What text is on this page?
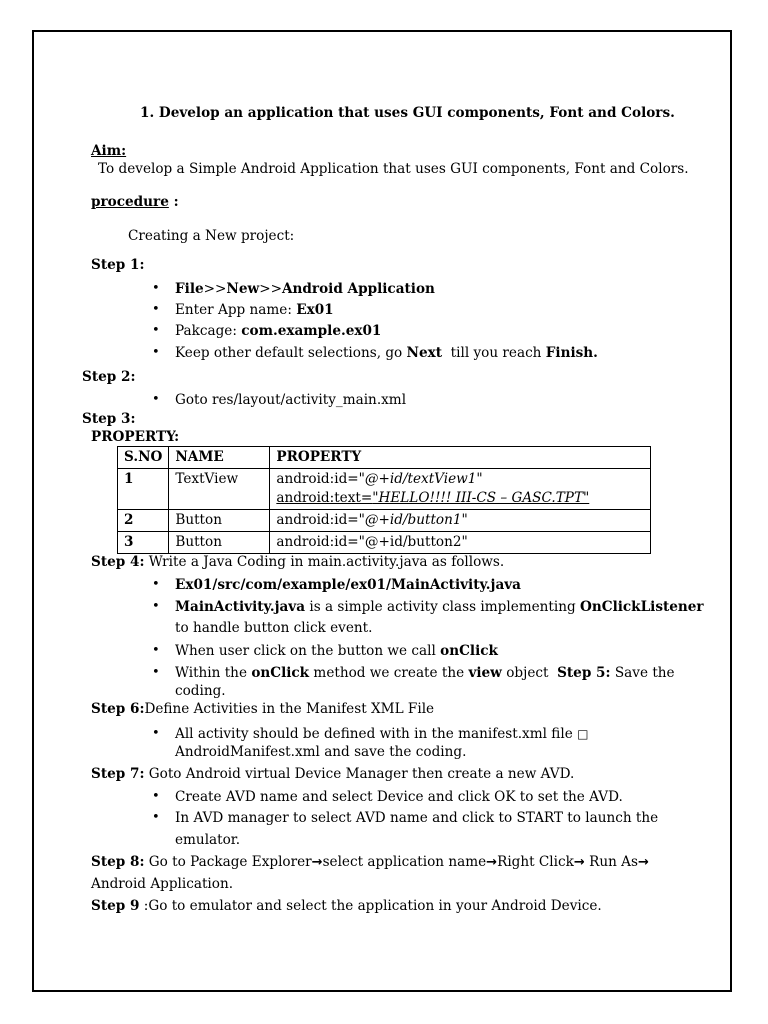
1. Develop an application that uses GUI components, Font and Colors.
Aim:
To develop a Simple Android Application that uses GUI components, Font and Colors.
procedure :
Creating a New project:
Step 1:
• File>>New>>Android Application
• Enter App name: Ex01
• Pakcage: com.example.ex01
• Keep other default selections, go Next  till you reach Finish.
Step 2:
• Goto res/layout/activity_main.xml
Step 3:
PROPERTY:
S.NO	NAME	PROPERTY
1	TextView	android:id="@+id/textView1"
android:text="HELLO!!!! III-CS – GASC.TPT"

2	Button	android:id="@+id/button1"
3	Button	android:id="@+id/button2"
Step 4: Write a Java Coding in main.activity.java as follows.
• Ex01/src/com/example/ex01/MainActivity.java
• MainActivity.java is a simple activity class implementing OnClickListener
to handle button click event.
• When user click on the button we call onClick
• Within the onClick method we create the view object  Step 5: Save the
coding.
Step 6:Define Activities in the Manifest XML File
• All activity should be defined with in the manifest.xml file □
AndroidManifest.xml and save the coding.
Step 7: Goto Android virtual Device Manager then create a new AVD.
• Create AVD name and select Device and click OK to set the AVD.
• In AVD manager to select AVD name and click to START to launch the
emulator.
Step 8: Go to Package Explorer→select application name→Right Click→ Run As→
Android Application.
Step 9 :Go to emulator and select the application in your Android Device.
